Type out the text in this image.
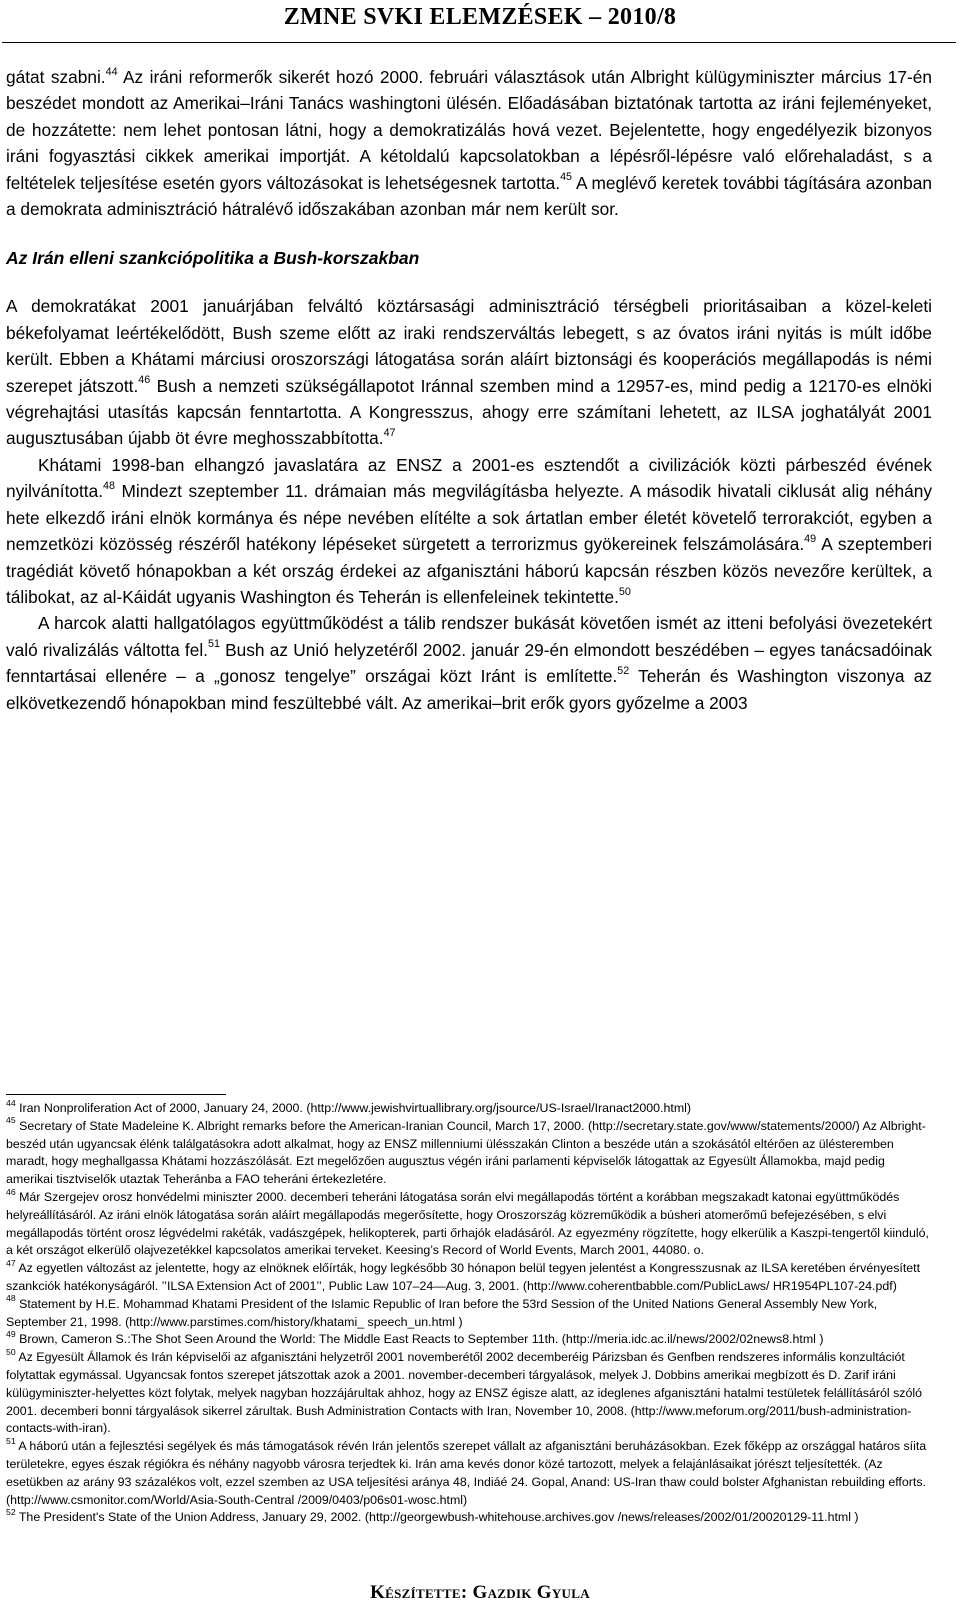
ZMNE SVKI ELEMZÉSEK – 2010/8

gátat szabni.$^{44}$ Az iráni reformerők sikerét hozó 2000. februári választások után Albright külügyminiszter március 17-én beszédet mondott az Amerikai–Iráni Tanács washingtoni ülésén. Előadásában biztatónak tartotta az iráni fejleményeket, de hozzátette: nem lehet pontosan látni, hogy a demokratizálás hová vezet. Bejelentette, hogy engedélyezik bizonyos iráni fogyasztási cikkek amerikai importját. A kétoldalú kapcsolatokban a lépésről-lépésre való előrehaladást, s a feltételek teljesítése esetén gyors változásokat is lehetségesnek tartotta.$^{45}$ A meglévő keretek további tágítására azonban a demokrata adminisztráció hátralévő időszakában azonban már nem került sor.

Az Irán elleni szankciópolitika a Bush-korszakban

A demokratákat 2001 januárjában felváltó köztársasági adminisztráció térségbeli prioritásaiban a közel-keleti békefolyamat leértékelődött, Bush szeme előtt az iraki rendszerváltás lebegett, s az óvatos iráni nyitás is múlt időbe került. Ebben a Khátami márciusi oroszországi látogatása során aláírt biztonsági és kooperációs megállapodás is némi szerepet játszott.$^{46}$ Bush a nemzeti szükségállapotot Iránnal szemben mind a 12957-es, mind pedig a 12170-es elnöki végrehajtási utasítás kapcsán fenntartotta. A Kongresszus, ahogy erre számítani lehetett, az ILSA joghatályát 2001 augusztusában újabb öt évre meghosszabbította.$^{47}$

Khátami 1998-ban elhangzó javaslatára az ENSZ a 2001-es esztendőt a civilizációk közti párbeszéd évének nyilvánította.$^{48}$ Mindezt szeptember 11. drámaian más megvilágításba helyezte. A második hivatali ciklusát alig néhány hete elkezdő iráni elnök kormánya és népe nevében elítélte a sok ártatlan ember életét követelő terrorakciót, egyben a nemzetközi közösség részéről hatékony lépéseket sürgetett a terrorizmus gyökereinek felszámolására.$^{49}$ A szeptemberi tragédiát követő hónapokban a két ország érdekei az afganisztáni háború kapcsán részben közös nevezőre kerültek, a tálibokat, az al-Káidát ugyanis Washington és Teherán is ellenfeleinek tekintette.$^{50}$

A harcok alatti hallgatólagos együttműködést a tálib rendszer bukását követően ismét az itteni befolyási övezetekért való rivalizálás váltotta fel.$^{51}$ Bush az Unió helyzetéről 2002. január 29-én elmondott beszédében – egyes tanácsadóinak fenntartásai ellenére – a „gonosz tengelye” országai közt Iránt is említette.$^{52}$ Teherán és Washington viszonya az elkövetkezendő hónapokban mind feszültebbé vált. Az amerikai–brit erők gyors győzelme a 2003

$^{44}$ Iran Nonproliferation Act of 2000, January 24, 2000. (http://www.jewishvirtuallibrary.org/jsource/US-Israel/Iranact2000.html)

$^{45}$ Secretary of State Madeleine K. Albright remarks before the American-Iranian Council, March 17, 2000. (http://secretary.state.gov/www/statements/2000/) Az Albright-beszéd után ugyancsak élénk találgatásokra adott alkalmat, hogy az ENSZ millenniumi ülésszakán Clinton a beszéde után a szokásától eltérően az ülésteremben maradt, hogy meghallgassa Khátami hozzászólását. Ezt megelőzően augusztus végén iráni parlamenti képviselők látogattak az Egyesült Államokba, majd pedig amerikai tisztviselők utaztak Teheránba a FAO teheráni értekezletére.

$^{46}$ Már Szergejev orosz honvédelmi miniszter 2000. decemberi teheráni látogatása során elvi megállapodás történt a korábban megszakadt katonai együttműködés helyreállításáról. Az iráni elnök látogatása során aláírt megállapodás megerősítette, hogy Oroszország közreműködik a búsheri atomerőmű befejezésében, s elvi megállapodás történt orosz légvédelmi rakéták, vadászgépek, helikopterek, parti őrhajók eladásáról. Az egyezmény rögzítette, hogy elkerülik a Kaszpi-tengertől kiinduló, a két országot elkerülő olajvezetékkel kapcsolatos amerikai terveket. Keesing’s Record of World Events, March 2001, 44080. o.

$^{47}$ Az egyetlen változást az jelentette, hogy az elnöknek előírták, hogy legkésőbb 30 hónapon belül tegyen jelentést a Kongresszusnak az ILSA keretében érvényesített szankciók hatékonyságáról. ’’ILSA Extension Act of 2001’’, Public Law 107–24—Aug. 3, 2001. (http://www.coherentbabble.com/PublicLaws/ HR1954PL107-24.pdf)

$^{48}$ Statement by H.E. Mohammad Khatami President of the Islamic Republic of Iran before the 53rd Session of the United Nations General Assembly New York, September 21, 1998. (http://www.parstimes.com/history/khatami_ speech_un.html )

$^{49}$ Brown, Cameron S.:The Shot Seen Around the World: The Middle East Reacts to September 11th. (http://meria.idc.ac.il/news/2002/02news8.html )

$^{50}$ Az Egyesült Államok és Irán képviselői az afganisztáni helyzetről 2001 novemberétől 2002 decemberéig Párizsban és Genfben rendszeres informális konzultációt folytattak egymással. Ugyancsak fontos szerepet játszottak azok a 2001. november-decemberi tárgyalások, melyek J. Dobbins amerikai megbízott és D. Zarif iráni külügyminiszter-helyettes közt folytak, melyek nagyban hozzájárultak ahhoz, hogy az ENSZ égisze alatt, az ideglenes afganisztáni hatalmi testületek felállításáról szóló 2001. decemberi bonni tárgyalások sikerrel zárultak. Bush Administration Contacts with Iran, November 10, 2008. (http://www.meforum.org/2011/bush-administration-contacts-with-iran).

$^{51}$ A háború után a fejlesztési segélyek és más támogatások révén Irán jelentős szerepet vállalt az afganisztáni beruházásokban. Ezek főképp az országgal határos síita területekre, egyes észak régiókra és néhány nagyobb városra terjedtek ki. Irán ama kevés donor közé tartozott, melyek a felajánlásaikat jórészt teljesítették. (Az esetükben az arány 93 százalékos volt, ezzel szemben az USA teljesítési aránya 48, Indiáé 24. Gopal, Anand: US-Iran thaw could bolster Afghanistan rebuilding efforts. (http://www.csmonitor.com/World/Asia-South-Central /2009/0403/p06s01-wosc.html)

$^{52}$ The President's State of the Union Address, January 29, 2002. (http://georgewbush-whitehouse.archives.gov /news/releases/2002/01/20020129-11.html )

Készítette: Gazdik Gyula
